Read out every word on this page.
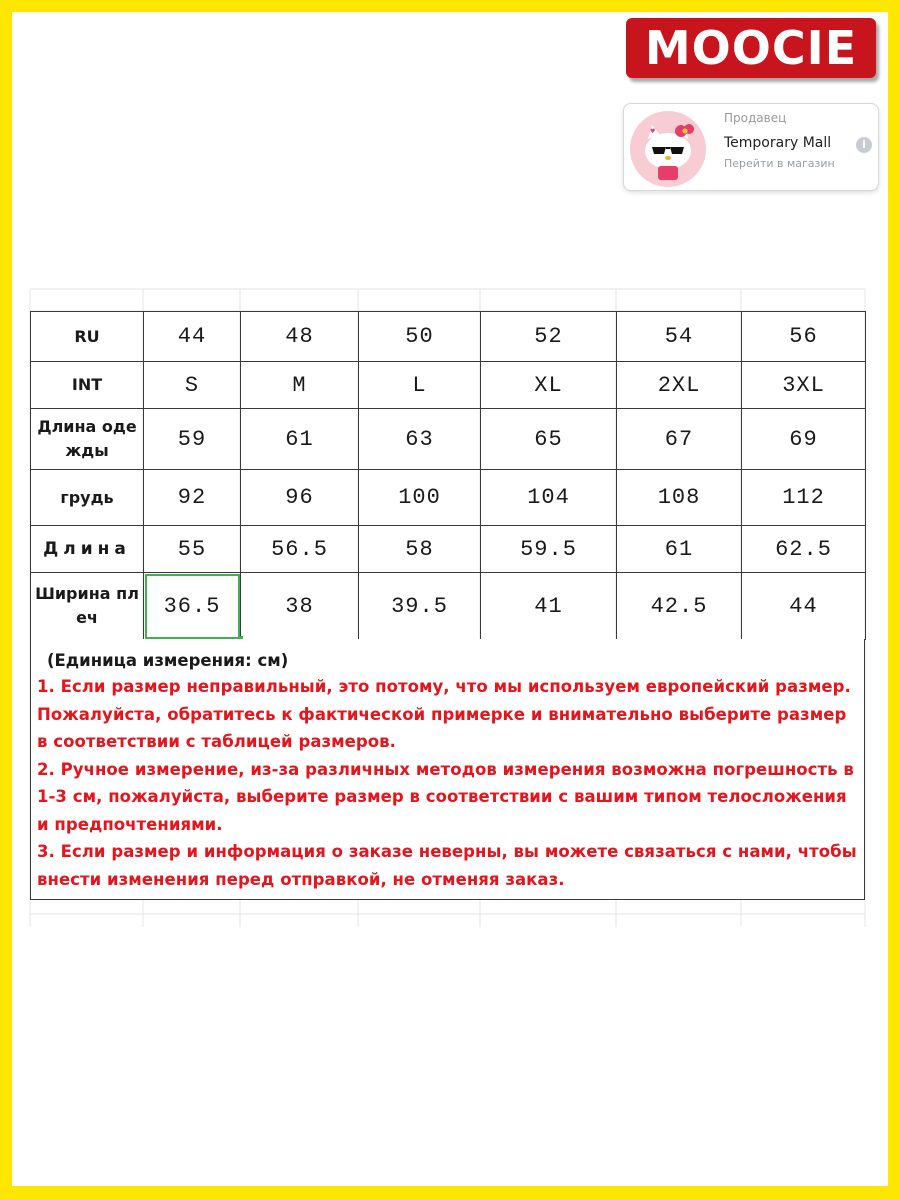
MOOCIE
♥
Продавец
Temporary Mall	i
Перейти в магазин
RU	44	48	50	52	54	56
INT	S	M	L	XL	2XL	3XL
Длина оде жды	59	61	63	65	67	69
грудь	92	96	100	104	108	112
Длина	55	56.5	58	59.5	61	62.5
Ширина пл еч	36.5	38	39.5	41	42.5	44
(Единица измерения: см)
1. Если размер неправильный, это потому, что мы используем европейский размер. Пожалуйста, обратитесь к фактической примерке и внимательно выберите размер в соответствии с таблицей размеров.
2. Ручное измерение, из-за различных методов измерения возможна погрешность в 1-3 см, пожалуйста, выберите размер в соответствии с вашим типом телосложения и предпочтениями.
3. Если размер и информация о заказе неверны, вы можете связаться с нами, чтобы внести изменения перед отправкой, не отменяя заказ.
